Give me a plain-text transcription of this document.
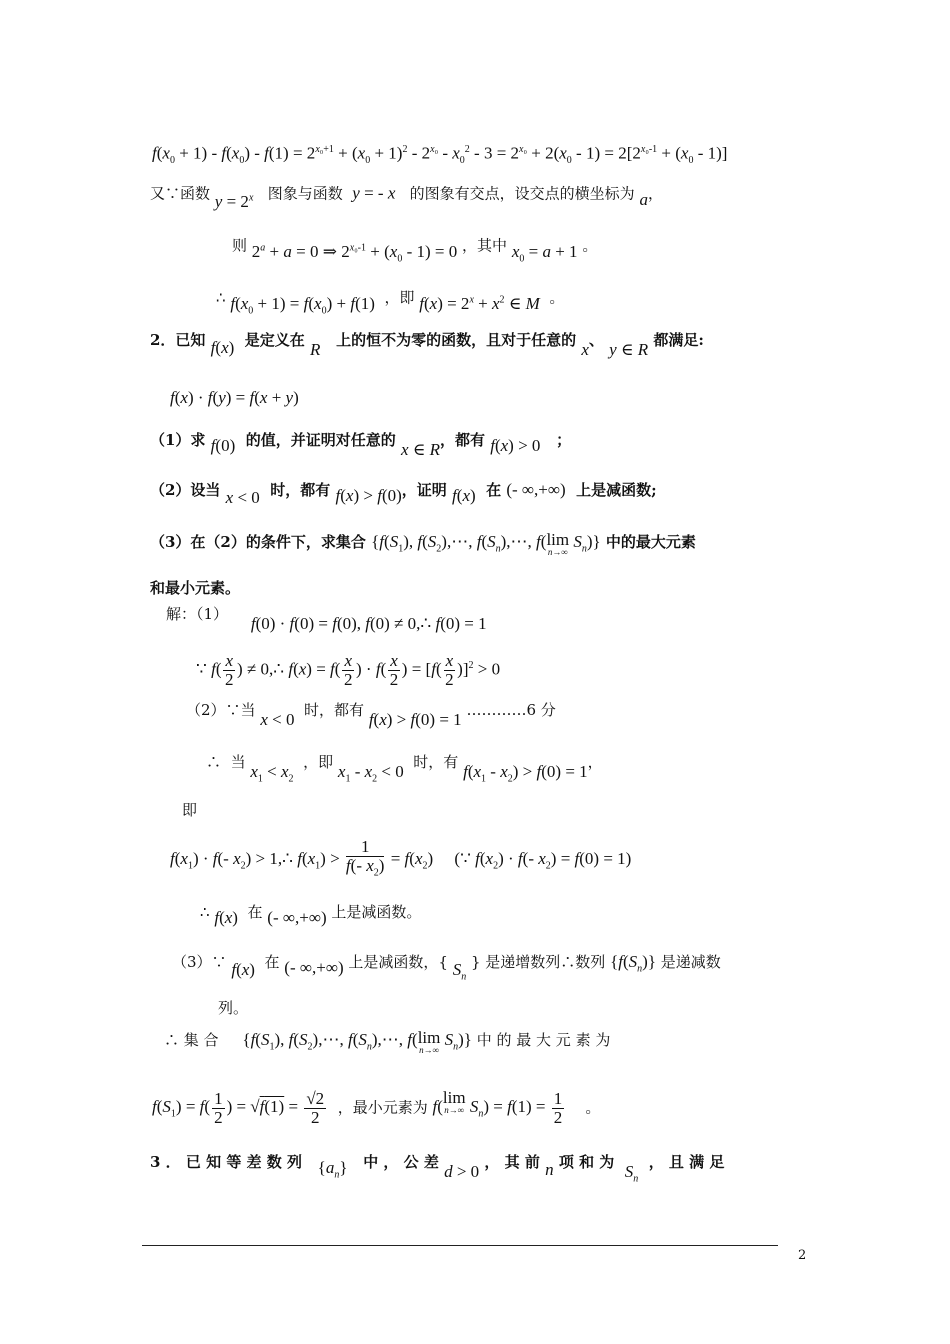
$f(x_0 + 1) - f(x_0) - f(1) = 2^{x_0+1} + (x_0 + 1)^2 - 2^{x_0} - x_0^2 - 3 = 2^{x_0} + 2(x_0 - 1) = 2[2^{x_0-1} + (x_0 - 1)]$
又∵函数 $y = 2^x$ 图象与函数 y = - x 的图象有交点，设交点的横坐标为 a，
则 $2^a + a = 0$ ⇒ $2^{x_0-1} + (x_0 - 1) = 0$ ，其中 $x_0 = a + 1$ 。
∴ $f(x_0 + 1) = f(x_0) + f(1)$ ，即 $f(x) = 2^x + x^2$ ∈ M 。
2．已知 f(x) 是定义在 R 上的恒不为零的函数，且对于任意的 x、 y ∈ R 都满足:
f(x) · f(y) = f(x + y)
（1）求 f(0) 的值，并证明对任意的 x ∈ R，都有 f(x) > 0 ；
（2）设当 x < 0 时，都有 f(x) > f(0)，证明 f(x) 在 (- ∞,+∞) 上是减函数;
（3）在（2）的条件下，求集合 {$f(S_1)$, $f(S_2),\cdots$, $f(S_n),\cdots$, f( lim
n→∞
$S_n$)} 中的最大元素
和最小元素。
解：（1） f(0) · f(0) = f(0), f(0) ≠ 0,∴ f(0) = 1
∵ $f( \frac{x}{2}$ ) ≠ 0,∴ $f(x) = f( \frac{x}{2}$ ) · $f( \frac{x}{2}$ ) = $[f( \frac{x}{2} )]^2 > 0$
（2）∵当 x < 0 时，都有 f(x) > f(0) = 1 …………6 分
∴ 当 $x_1 < x_2$  ，即 $x_1 - x_2 < 0$ 时，有 $f(x_1 - x_2) > f(0) = 1$，
即
$f(x_1) \cdot f(-$ $x_2$) > 1,∴ $f(x_1) > \frac{1}{f(- x_2)} = f(x_2)$     (∵ $f(x_2) \cdot f(-$ $x_2) = f(0) = 1$)
∴ f(x) 在 (- ∞,+∞) 上是减函数。
（3）∵ f(x) 在 (- ∞,+∞) 上是减函数，{ $S_n$ } 是递增数列∴数列 $\{f(S_n)\}$ 是递减数
列。
∴ 集 合 {$f(S_1)$, $f(S_2),\cdots$, $f(S_n),\cdots$, f( lim
n→∞
$S_n$)} 中 的 最 大 元 素 为
$f(S_1) = f( \frac{1}{2}$ ) = $√f(1) = \frac{√2}{2}$ ，最小元素为 f( lim
n→∞ $S_n) = f(1) = \frac{1}{2}$ 。
3 ． 已 知 等 差 数 列 $\{a_n\}$ 中 ， 公 差 d > 0 ， 其 前 n 项 和 为 $S_n$  ， 且 满 足
2
